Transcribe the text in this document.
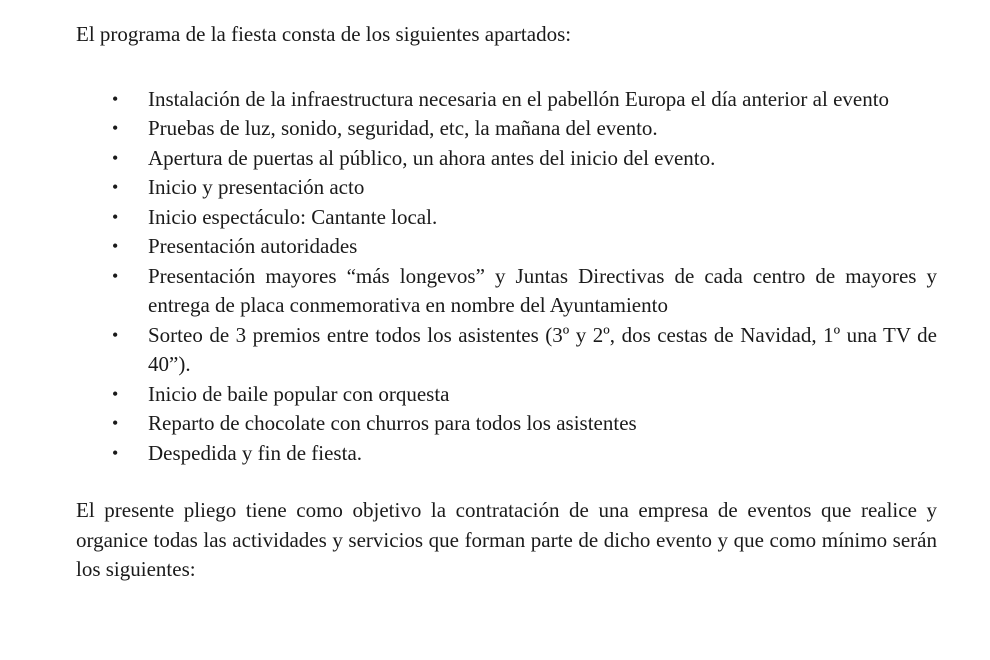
El programa de la fiesta consta de los siguientes apartados:

• Instalación de la infraestructura necesaria en el pabellón Europa el día anterior al evento
• Pruebas de luz, sonido, seguridad, etc, la mañana del evento.
• Apertura de puertas al público, un ahora antes del inicio del evento.
• Inicio y presentación acto
• Inicio espectáculo: Cantante local.
• Presentación autoridades
• Presentación mayores “más longevos” y Juntas Directivas de cada centro de mayores y entrega de placa conmemorativa en nombre del Ayuntamiento
• Sorteo de 3 premios entre todos los asistentes (3º y 2º, dos cestas de Navidad, 1º una TV de 40”).
• Inicio de baile popular con orquesta
• Reparto de chocolate con churros para todos los asistentes
• Despedida y fin de fiesta.

El presente pliego tiene como objetivo la contratación de una empresa de eventos que realice y organice todas las actividades y servicios que forman parte de dicho evento y que como mínimo serán los siguientes:
